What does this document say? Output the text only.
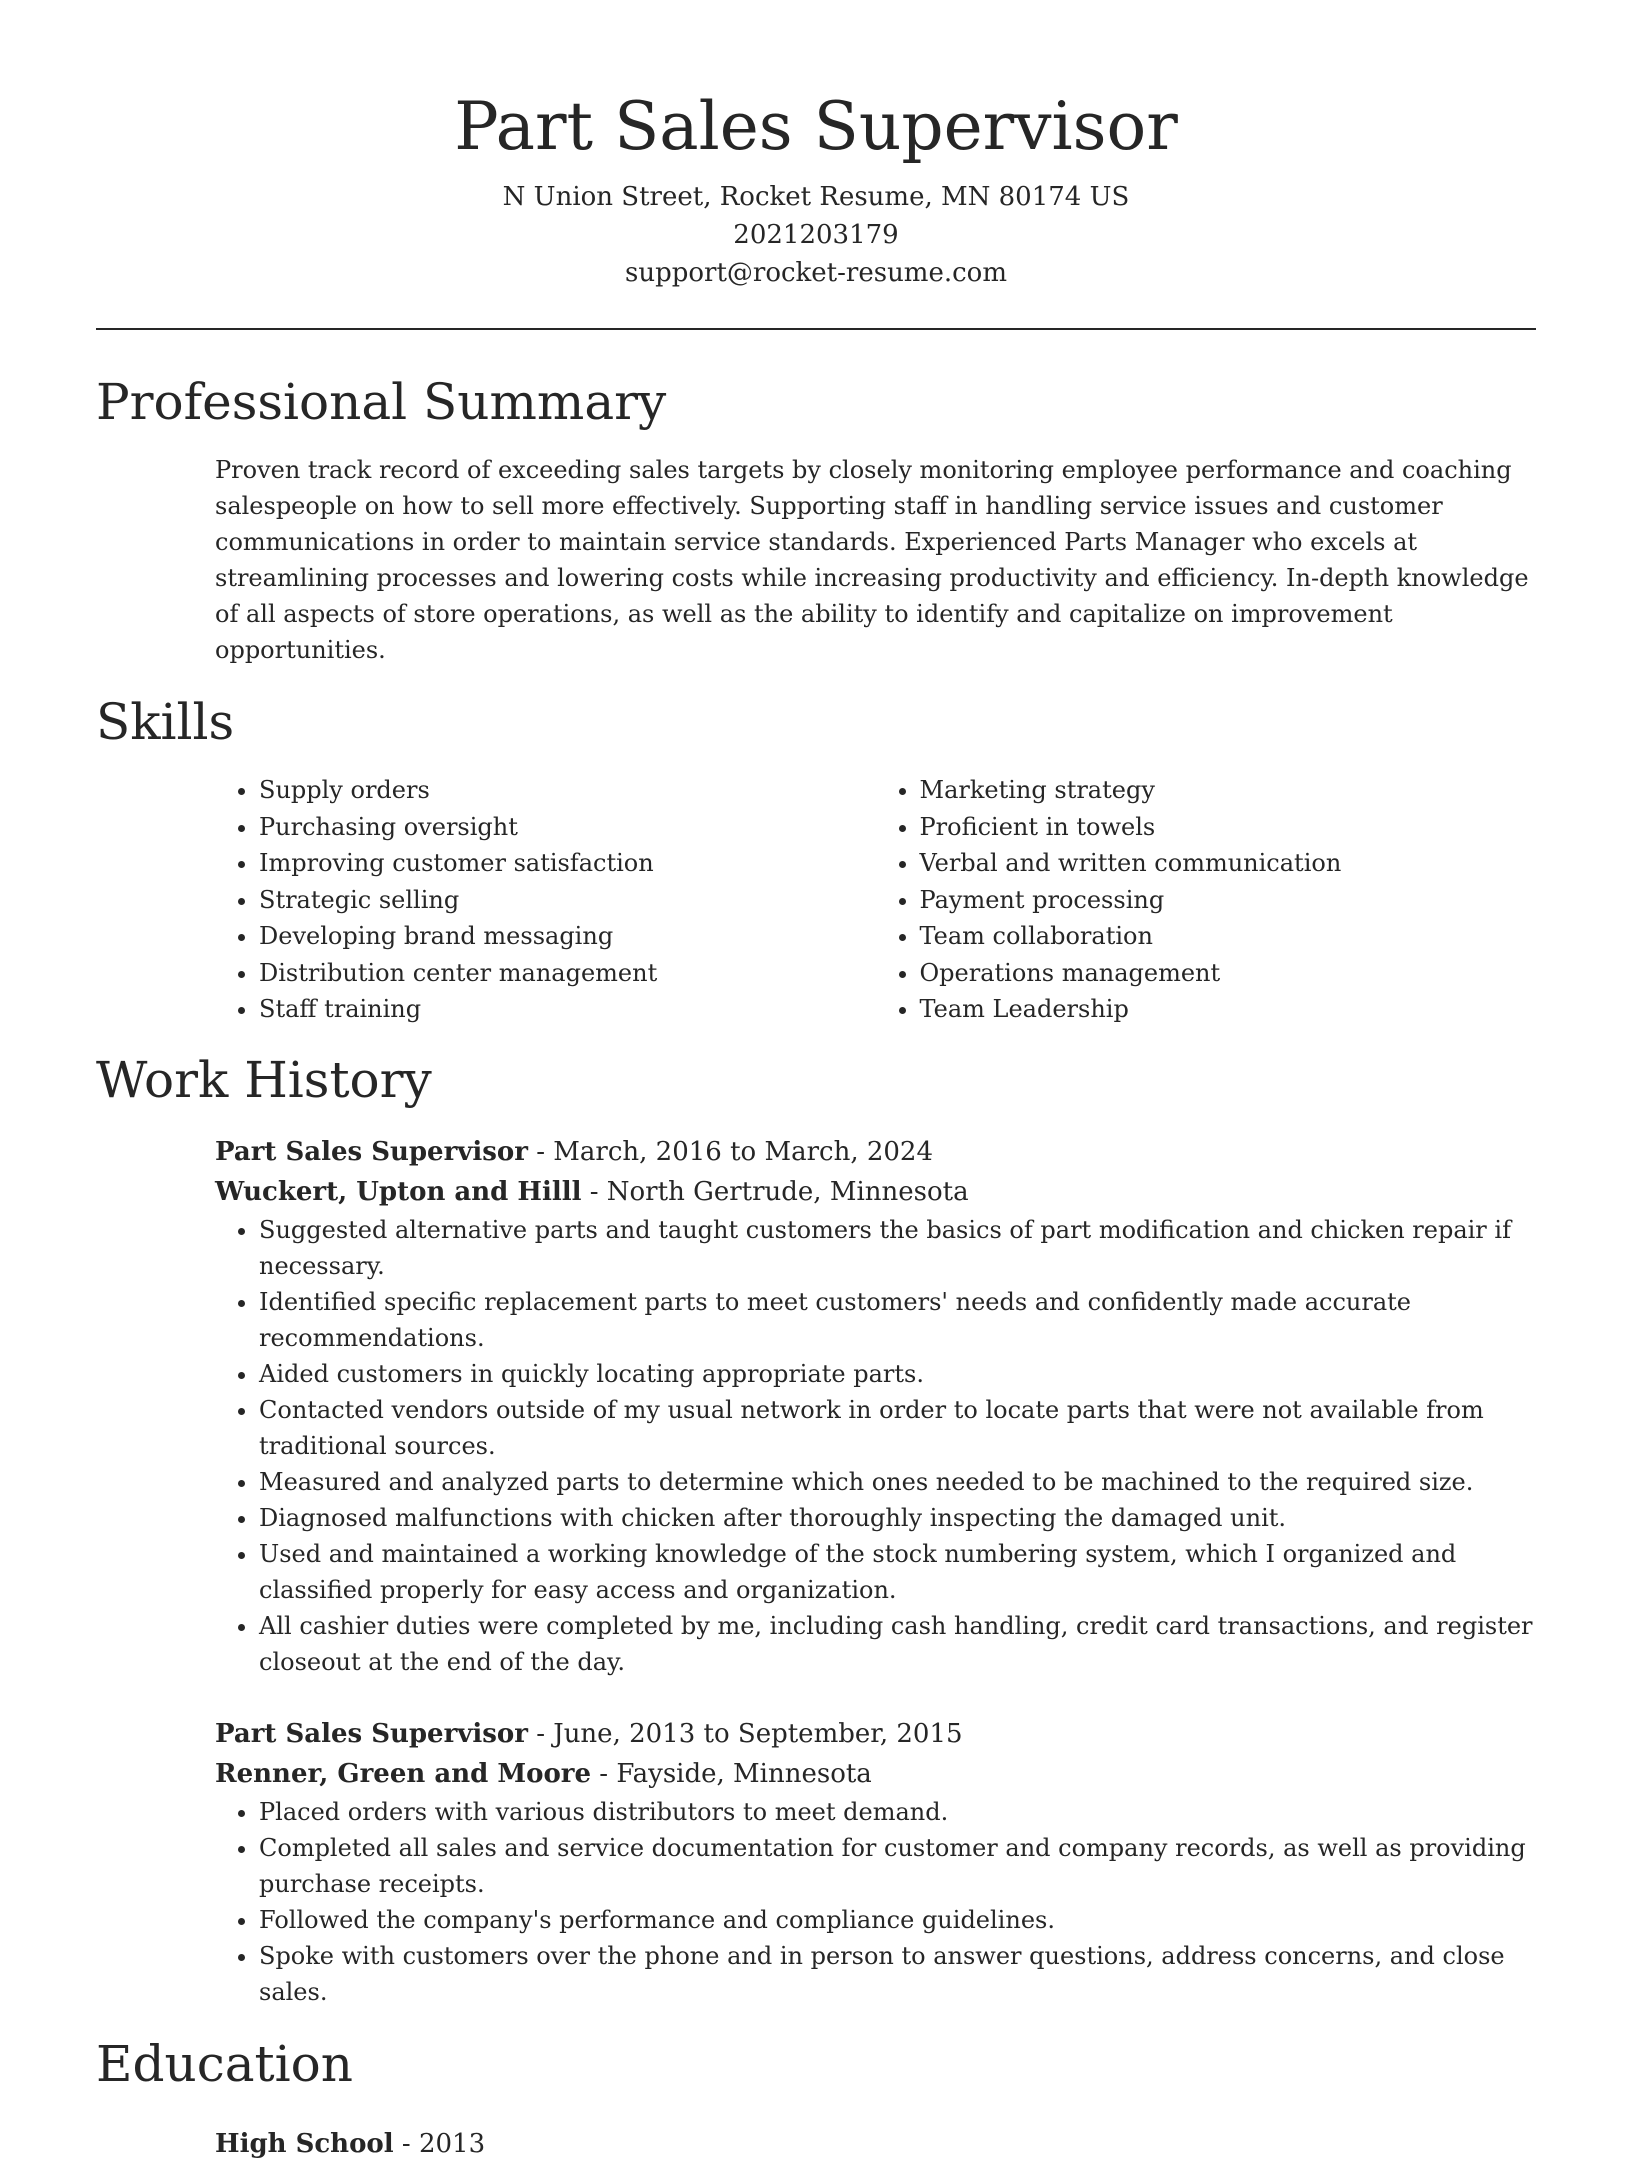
Part Sales Supervisor
N Union Street, Rocket Resume, MN 80174 US
2021203179
support@rocket-resume.com
Professional Summary
Proven track record of exceeding sales targets by closely monitoring employee performance and coaching salespeople on how to sell more effectively. Supporting staff in handling service issues and customer communications in order to maintain service standards. Experienced Parts Manager who excels at streamlining processes and lowering costs while increasing productivity and efficiency. In-depth knowledge of all aspects of store operations, as well as the ability to identify and capitalize on improvement opportunities.
Skills
• Supply orders
• Purchasing oversight
• Improving customer satisfaction
• Strategic selling
• Developing brand messaging
• Distribution center management
• Staff training
• Marketing strategy
• Proficient in towels
• Verbal and written communication
• Payment processing
• Team collaboration
• Operations management
• Team Leadership
Work History
Part Sales Supervisor - March, 2016 to March, 2024
Wuckert, Upton and Hilll - North Gertrude, Minnesota
• Suggested alternative parts and taught customers the basics of part modification and chicken repair if necessary.
• Identified specific replacement parts to meet customers' needs and confidently made accurate recommendations.
• Aided customers in quickly locating appropriate parts.
• Contacted vendors outside of my usual network in order to locate parts that were not available from traditional sources.
• Measured and analyzed parts to determine which ones needed to be machined to the required size.
• Diagnosed malfunctions with chicken after thoroughly inspecting the damaged unit.
• Used and maintained a working knowledge of the stock numbering system, which I organized and classified properly for easy access and organization.
• All cashier duties were completed by me, including cash handling, credit card transactions, and register closeout at the end of the day.
Part Sales Supervisor - June, 2013 to September, 2015
Renner, Green and Moore - Fayside, Minnesota
• Placed orders with various distributors to meet demand.
• Completed all sales and service documentation for customer and company records, as well as providing purchase receipts.
• Followed the company's performance and compliance guidelines.
• Spoke with customers over the phone and in person to answer questions, address concerns, and close sales.
Education
High School - 2013
